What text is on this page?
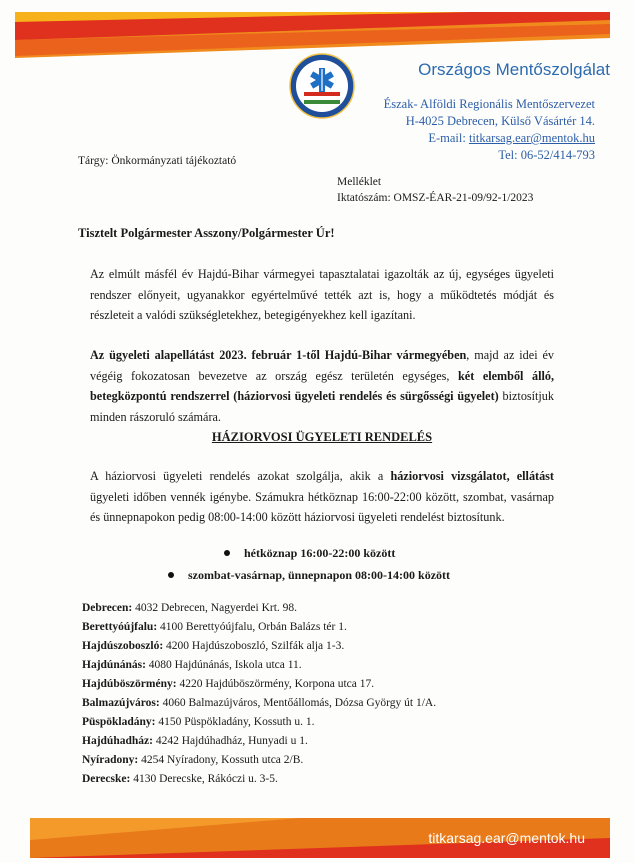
Országos Mentőszolgálat
Észak- Alföldi Regionális Mentőszervezet
H-4025 Debrecen, Külső Vásártér 14.
E-mail: titkarsag.ear@mentok.hu
Tel: 06-52/414-793
Tárgy: Önkormányzati tájékoztató
Melléklet
Iktatószám: OMSZ-ÉAR-21-09/92-1/2023
Tisztelt Polgármester Asszony/Polgármester Úr!
Az elmúlt másfél év Hajdú-Bihar vármegyei tapasztalatai igazolták az új, egységes ügyeleti rendszer előnyeit, ugyanakkor egyértelművé tették azt is, hogy a működtetés módját és részleteit a valódi szükségletekhez, betegigényekhez kell igazítani.
Az ügyeleti alapellátást 2023. február 1-től Hajdú-Bihar vármegyében, majd az idei év végéig fokozatosan bevezetve az ország egész területén egységes, két elemből álló, betegközpontú rendszerrel (háziorvosi ügyeleti rendelés és sürgősségi ügyelet) biztosítjuk minden rászoruló számára.
HÁZIORVOSI ÜGYELETI RENDELÉS
A háziorvosi ügyeleti rendelés azokat szolgálja, akik a háziorvosi vizsgálatot, ellátást ügyeleti időben vennék igénybe. Számukra hétköznap 16:00-22:00 között, szombat, vasárnap és ünnepnapokon pedig 08:00-14:00 között háziorvosi ügyeleti rendelést biztosítunk.
hétköznap 16:00-22:00 között
szombat-vasárnap, ünnepnapon 08:00-14:00 között
Debrecen: 4032 Debrecen, Nagyerdei Krt. 98.
Berettyóújfalu: 4100 Berettyóújfalu, Orbán Balázs tér 1.
Hajdúszoboszló: 4200 Hajdúszoboszló, Szilfák alja 1-3.
Hajdúnánás: 4080 Hajdúnánás, Iskola utca 11.
Hajdúböszörmény: 4220 Hajdúböszörmény, Korpona utca 17.
Balmazújváros: 4060 Balmazújváros, Mentőállomás, Dózsa György út 1/A.
Püspökladány: 4150 Püspökladány, Kossuth u. 1.
Hajdúhadház: 4242 Hajdúhadház, Hunyadi u 1.
Nyíradony: 4254 Nyíradony, Kossuth utca 2/B.
Derecske: 4130 Derecske, Rákóczi u. 3-5.
titkarsag.ear@mentok.hu
